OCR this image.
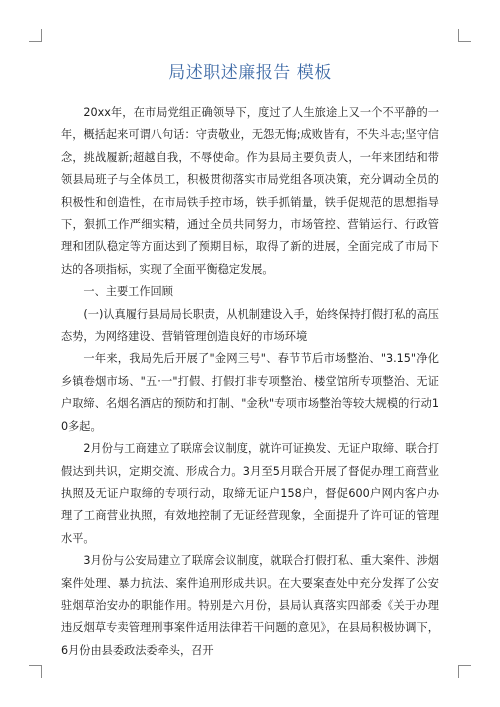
局述职述廉报告 模板

20xx年，在市局党组正确领导下，度过了人生旅途上又一个不平静的一年，概括起来可谓八句话：守责敬业，无怨无悔;成败皆有，不失斗志;坚守信念，挑战履新;超越自我，不辱使命。作为县局主要负责人，一年来团结和带领县局班子与全体员工，积极贯彻落实市局党组各项决策，充分调动全员的积极性和创造性，在市局铁手控市场，铁手抓销量，铁手促规范的思想指导下，狠抓工作严细实精，通过全员共同努力，市场管控、营销运行、行政管理和团队稳定等方面达到了预期目标，取得了新的进展，全面完成了市局下达的各项指标，实现了全面平衡稳定发展。

一、主要工作回顾

(一)认真履行县局局长职责，从机制建设入手，始终保持打假打私的高压态势，为网络建设、营销管理创造良好的市场环境

一年来，我局先后开展了"金网三号"、春节节后市场整治、"3.15"净化乡镇卷烟市场、"五·一"打假、打假打非专项整治、楼堂馆所专项整治、无证户取缔、名烟名酒店的预防和打制、"金秋"专项市场整治等较大规模的行动10多起。

2月份与工商建立了联席会议制度，就许可证换发、无证户取缔、联合打假达到共识，定期交流、形成合力。3月至5月联合开展了督促办理工商营业执照及无证户取缔的专项行动，取缔无证户158户，督促600户网内客户办理了工商营业执照，有效地控制了无证经营现象，全面提升了许可证的管理水平。

3月份与公安局建立了联席会议制度，就联合打假打私、重大案件、涉烟案件处理、暴力抗法、案件追刑形成共识。在大要案查处中充分发挥了公安驻烟草治安办的职能作用。特别是六月份，县局认真落实四部委《关于办理违反烟草专卖管理刑事案件适用法律若干问题的意见》，在县局积极协调下，6月份由县委政法委牵头，召开
